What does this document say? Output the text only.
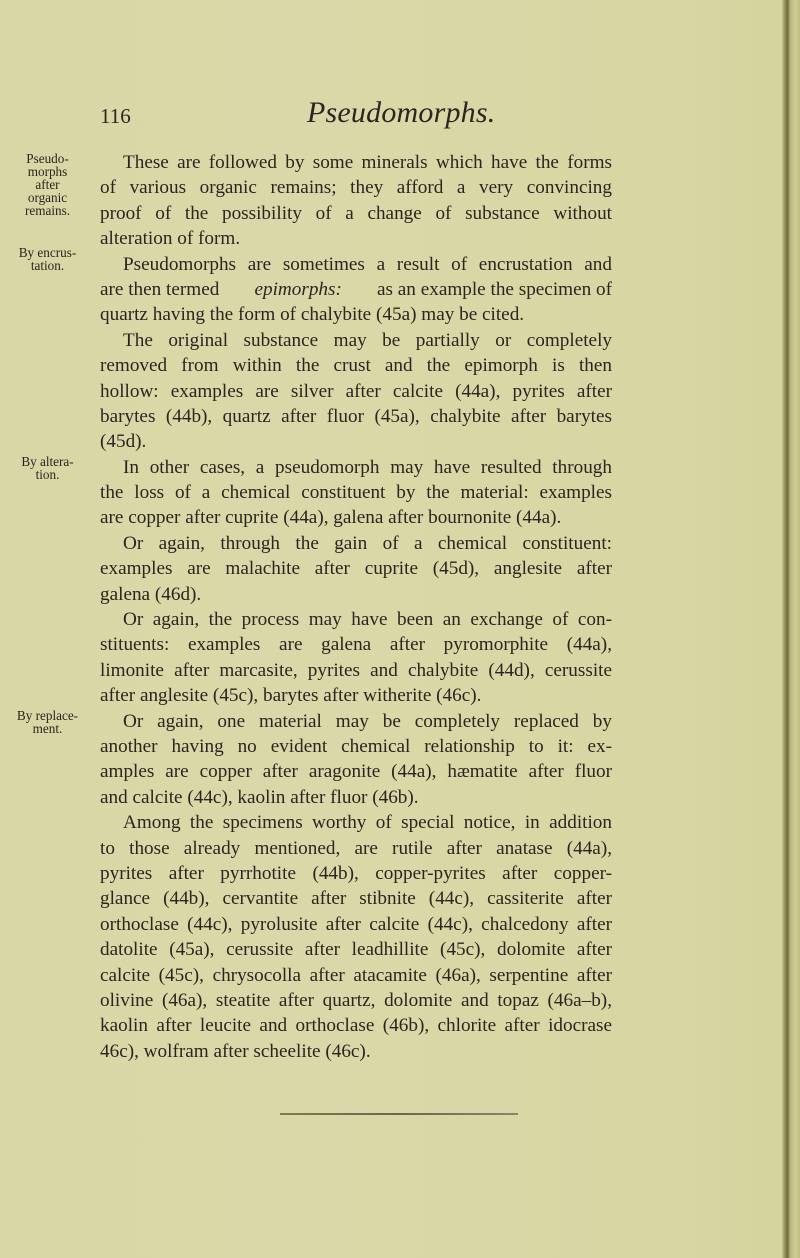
116	Pseudomorphs.
Pseudo-
morphs
after
organic
remains.
By encrus-
tation.
By altera-
tion.
By replace-
ment.
These are followed by some minerals which have the forms
of various organic remains; they afford a very convincing
proof of the possibility of a change of substance without
alteration of form.
Pseudomorphs are sometimes a result of encrustation and
are then termed epimorphs: as an example the specimen of
quartz having the form of chalybite (45a) may be cited.
The original substance may be partially or completely
removed from within the crust and the epimorph is then
hollow: examples are silver after calcite (44a), pyrites after
barytes (44b), quartz after fluor (45a), chalybite after barytes
(45d).
In other cases, a pseudomorph may have resulted through
the loss of a chemical constituent by the material: examples
are copper after cuprite (44a), galena after bournonite (44a).
Or again, through the gain of a chemical constituent:
examples are malachite after cuprite (45d), anglesite after
galena (46d).
Or again, the process may have been an exchange of con-
stituents: examples are galena after pyromorphite (44a),
limonite after marcasite, pyrites and chalybite (44d), cerussite
after anglesite (45c), barytes after witherite (46c).
Or again, one material may be completely replaced by
another having no evident chemical relationship to it: ex-
amples are copper after aragonite (44a), hæmatite after fluor
and calcite (44c), kaolin after fluor (46b).
Among the specimens worthy of special notice, in addition
to those already mentioned, are rutile after anatase (44a),
pyrites after pyrrhotite (44b), copper-pyrites after copper-
glance (44b), cervantite after stibnite (44c), cassiterite after
orthoclase (44c), pyrolusite after calcite (44c), chalcedony after
datolite (45a), cerussite after leadhillite (45c), dolomite after
calcite (45c), chrysocolla after atacamite (46a), serpentine after
olivine (46a), steatite after quartz, dolomite and topaz (46a–b),
kaolin after leucite and orthoclase (46b), chlorite after idocrase
46c), wolfram after scheelite (46c).
